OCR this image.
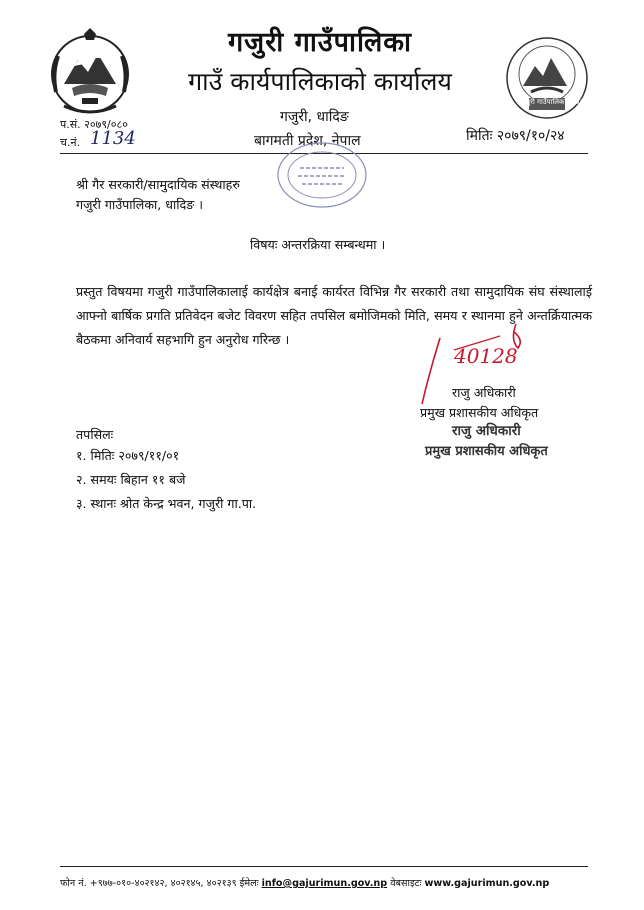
गजुरी गाउँपालिका
गाउँ कार्यपालिकाको कार्यालय
गजुरी गाउँपालिका २०७३
गजुरी, धादिङ
बागमती प्रदेश, नेपाल
प.सं. २०७९/०८०
च.नं. 1134	मितिः २०७९/१०/२४
श्री गैर सरकारी/सामुदायिक संस्थाहरु
गजुरी गाउँपालिका, धादिङ ।
विषयः अन्तरक्रिया सम्बन्धमा ।
प्रस्तुत विषयमा गजुरी गाउँपालिकालाई कार्यक्षेत्र बनाई कार्यरत विभिन्न गैर सरकारी तथा सामुदायिक संघ संस्थालाई आफ्नो बार्षिक प्रगति प्रतिवेदन बजेट विवरण सहित तपसिल बमोजिमको मिति, समय र स्थानमा हुने अन्तर्क्रियात्मक बैठकमा अनिवार्य सहभागि हुन अनुरोध गरिन्छ ।
40128
राजु अधिकारी
प्रमुख प्रशासकीय अधिकृत
राजु अधिकारी
प्रमुख प्रशासकीय अधिकृत
तपसिलः
१. मितिः २०७९/११/०१
२. समयः बिहान ११ बजे
३. स्थानः श्रोत केन्द्र भवन, गजुरी गा.पा.
फोन नं. +९७७-०१०-४०२१४२, ४०२१४५, ४०२१३९ ईमेलः info@gajurimun.gov.np वेबसाइटः www.gajurimun.gov.np
